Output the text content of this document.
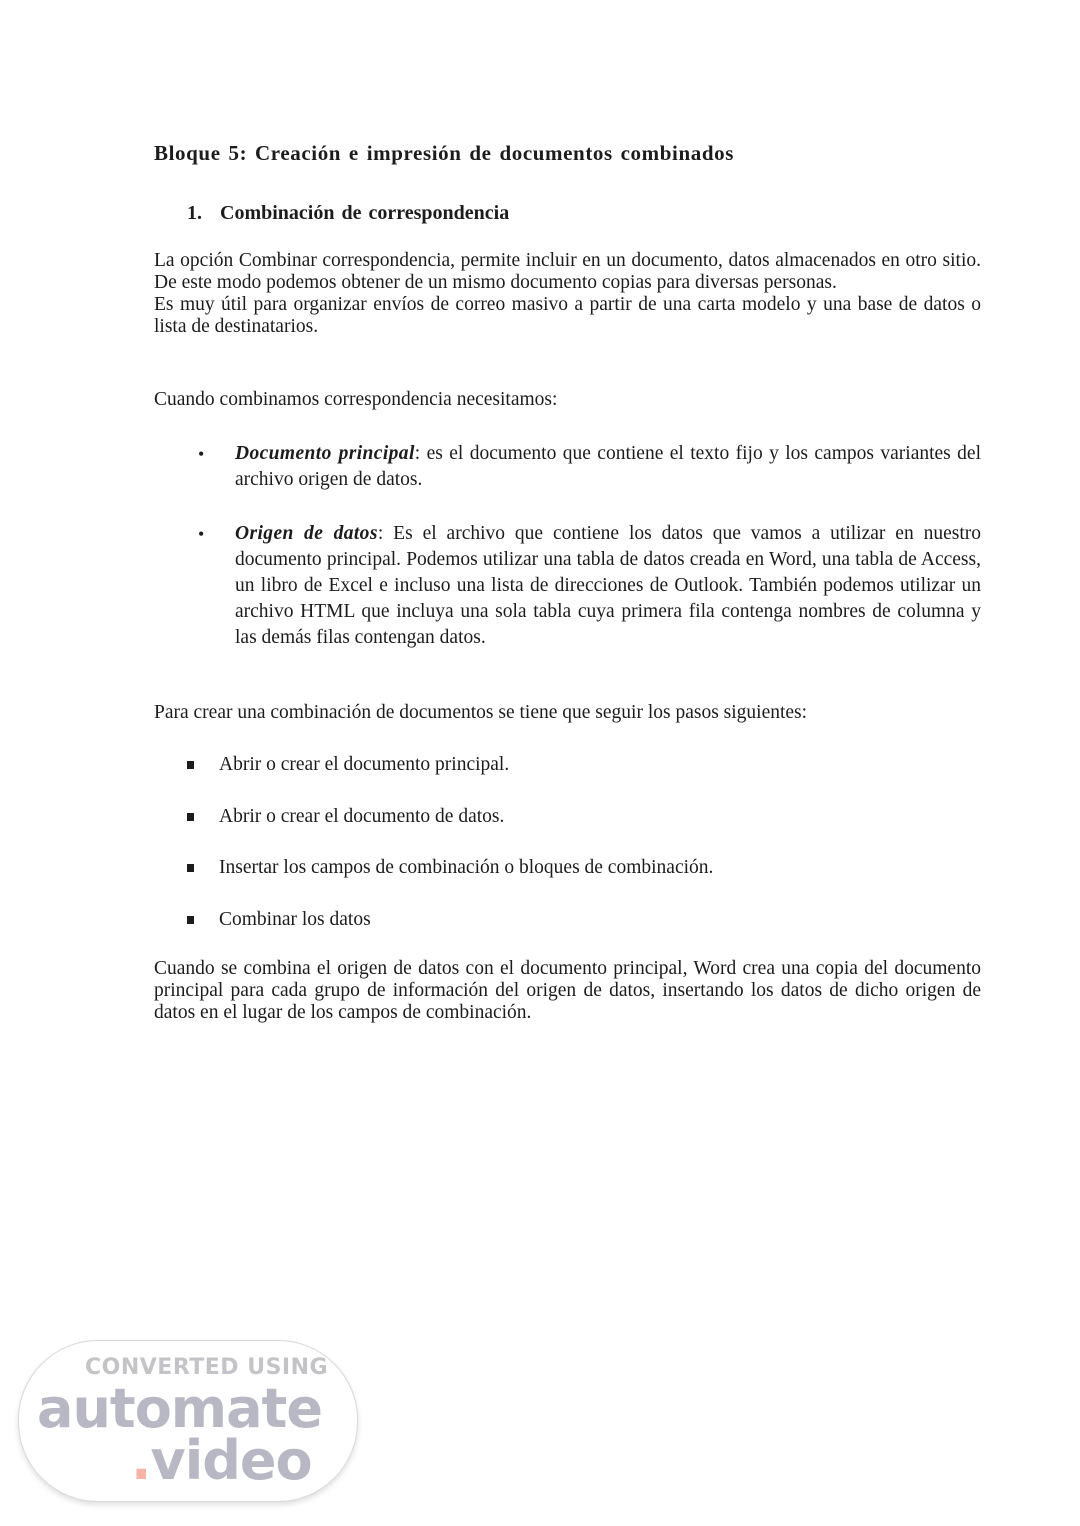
Bloque 5: Creación e impresión de documentos combinados
1. Combinación de correspondencia

La opción Combinar correspondencia, permite incluir en un documento, datos almacenados en otro sitio. De este modo podemos obtener de un mismo documento copias para diversas personas.

Es muy útil para organizar envíos de correo masivo a partir de una carta modelo y una base de datos o lista de destinatarios.

Cuando combinamos correspondencia necesitamos:
• Documento principal: es el documento que contiene el texto fijo y los campos variantes del archivo origen de datos.
• Origen de datos: Es el archivo que contiene los datos que vamos a utilizar en nuestro documento principal. Podemos utilizar una tabla de datos creada en Word, una tabla de Access, un libro de Excel e incluso una lista de direcciones de Outlook. También podemos utilizar un archivo HTML que incluya una sola tabla cuya primera fila contenga nombres de columna y las demás filas contengan datos.
Para crear una combinación de documentos se tiene que seguir los pasos siguientes:
Abrir o crear el documento principal.
Abrir o crear el documento de datos.
Insertar los campos de combinación o bloques de combinación.
Combinar los datos

Cuando se combina el origen de datos con el documento principal, Word crea una copia del documento principal para cada grupo de información del origen de datos, insertando los datos de dicho origen de datos en el lugar de los campos de combinación.

CONVERTED USING
automate
.video
